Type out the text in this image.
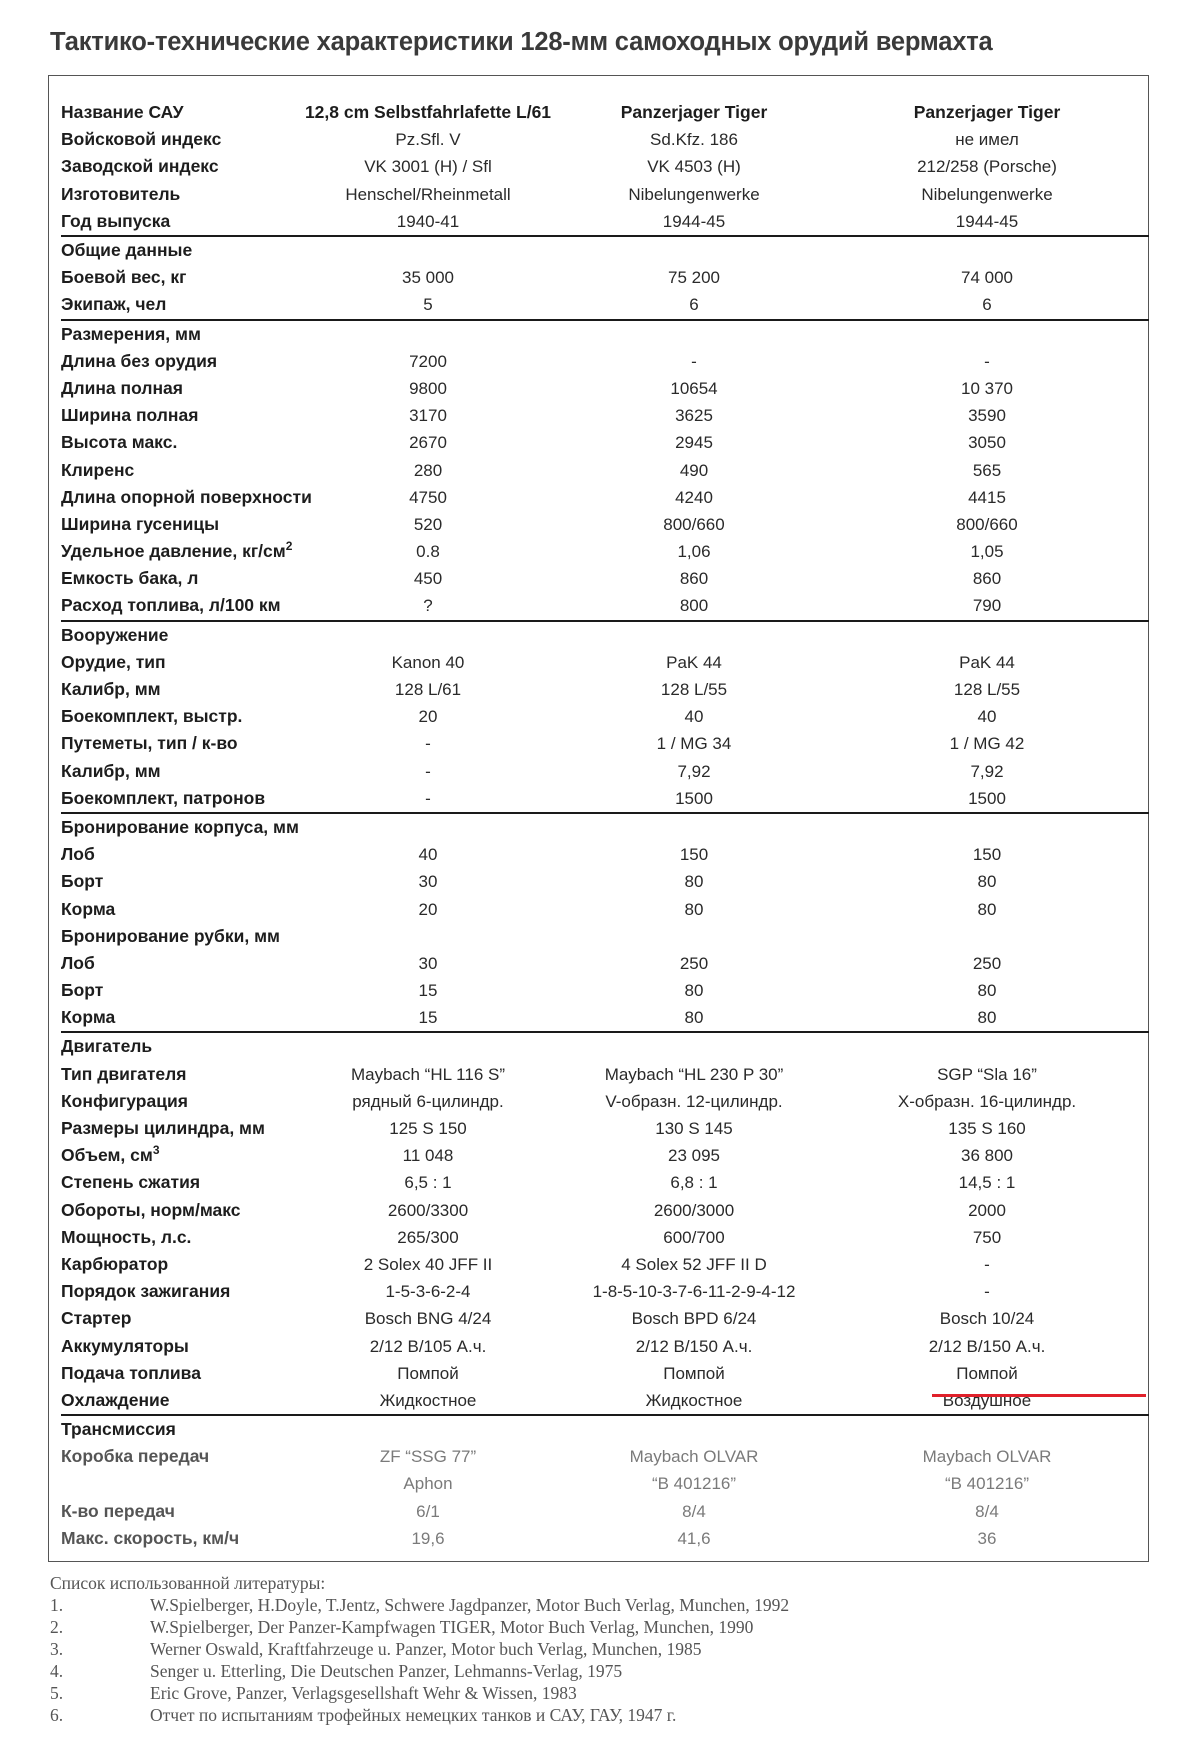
Тактико-технические характеристики 128-мм самоходных орудий вермахта
Название САУ	12,8 cm Selbstfahrlafette L/61	Panzerjager Tiger	Panzerjager Tiger
Войсковой индекс	Pz.Sfl. V	Sd.Kfz. 186	не имел
Заводской индекс	VK 3001 (H) / Sfl	VK 4503 (H)	212/258 (Porsche)
Изготовитель	Henschel/Rheinmetall	Nibelungenwerke	Nibelungenwerke
Год выпуска	1940-41	1944-45	1944-45
Общие данные			
Боевой вес, кг	35 000	75 200	74 000
Экипаж, чел	5	6	6
Размерения, мм			
Длина без орудия	7200	-	-
Длина полная	9800	10654	10 370
Ширина полная	3170	3625	3590
Высота макс.	2670	2945	3050
Клиренс	280	490	565
Длина опорной поверхности	4750	4240	4415
Ширина гусеницы	520	800/660	800/660
Удельное давление, $кг/см^2$	0.8	1,06	1,05
Емкость бака, л	450	860	860
Расход топлива, л/100 км	?	800	790
Вооружение			
Орудие, тип	Kanon 40	PaK 44	PaK 44
Калибр, мм	128 L/61	128 L/55	128 L/55
Боекомплект, выстр.	20	40	40
Путеметы, тип / к-во	-	1 / MG 34	1 / MG 42
Калибр, мм	-	7,92	7,92
Боекомплект, патронов	-	1500	1500
Бронирование корпуса, мм			
Лоб	40	150	150
Борт	30	80	80
Корма	20	80	80
Бронирование рубки, мм			
Лоб	30	250	250
Борт	15	80	80
Корма	15	80	80
Двигатель			
Тип двигателя	Maybach “HL 116 S”	Maybach “HL 230 P 30”	SGP “Sla 16”
Конфигурация	рядный 6-цилиндр.	V-образн. 12-цилиндр.	X-образн. 16-цилиндр.
Размеры цилиндра, мм	125 S 150	130 S 145	135 S 160
Объем, $см^3$	11 048	23 095	36 800
Степень сжатия	6,5 : 1	6,8 : 1	14,5 : 1
Обороты, норм/макс	2600/3300	2600/3000	2000
Мощность, л.с.	265/300	600/700	750
Карбюратор	2 Solex 40 JFF II	4 Solex 52 JFF II D	-
Порядок зажигания	1-5-3-6-2-4	1-8-5-10-3-7-6-11-2-9-4-12	-
Стартер	Bosch BNG 4/24	Bosch BPD 6/24	Bosch 10/24
Аккумуляторы	2/12 В/105 А.ч.	2/12 В/150 А.ч.	2/12 В/150 А.ч.
Подача топлива	Помпой	Помпой	Помпой
Охлаждение	Жидкостное	Жидкостное	Воздушное
Трансмиссия			
Коробка передач	ZF “SSG 77”	Maybach OLVAR	Maybach OLVAR
	Aphon	“В 401216”	“В 401216”
К-во передач	6/1	8/4	8/4
Макс. скорость, км/ч	19,6	41,6	36
Список использованной литературы:
1.	W.Spielberger, H.Doyle, T.Jentz, Schwere Jagdpanzer, Motor Buch Verlag, Munchen, 1992
2.	W.Spielberger, Der Panzer-Kampfwagen TIGER, Motor Buch Verlag, Munchen, 1990
3.	Werner Oswald, Kraftfahrzeuge u. Panzer, Motor buch Verlag, Munchen, 1985
4.	Senger u. Etterling, Die Deutschen Panzer, Lehmanns-Verlag, 1975
5.	Eric Grove, Panzer, Verlagsgesellshaft Wehr & Wissen, 1983
6.	Отчет по испытаниям трофейных немецких танков и САУ, ГАУ, 1947 г.
